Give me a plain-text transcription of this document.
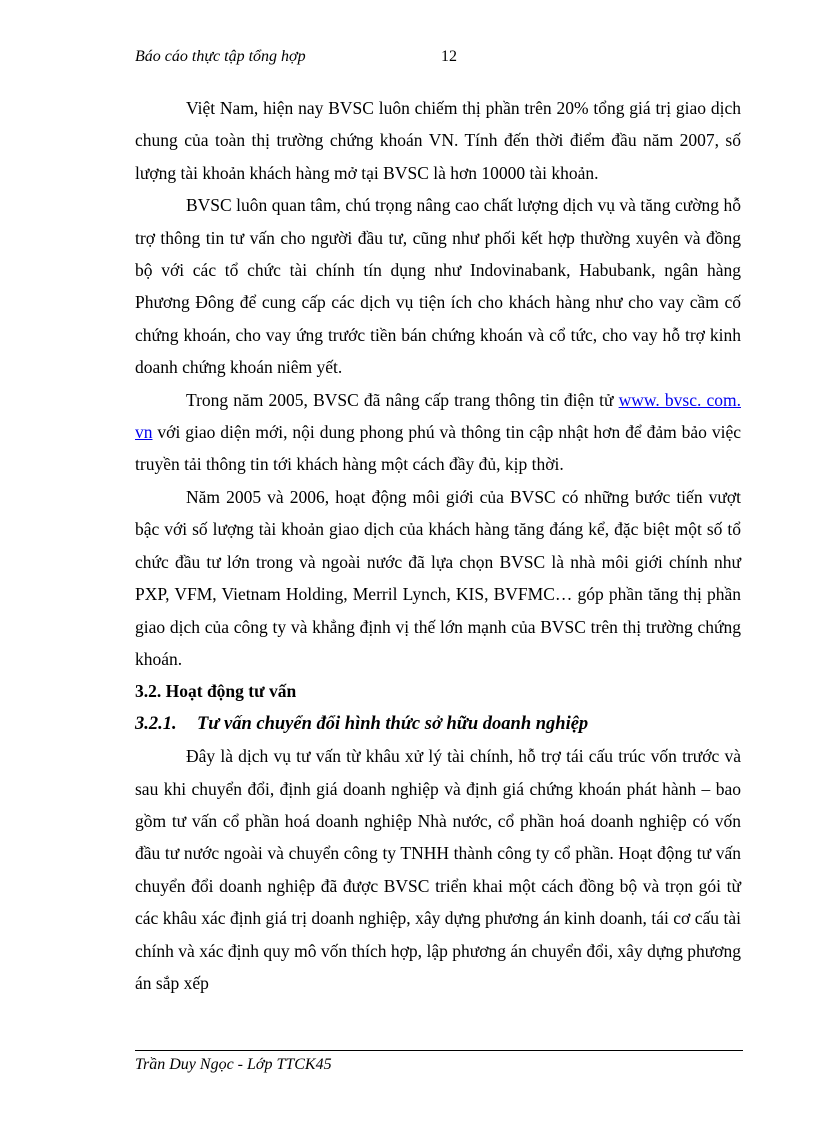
Báo cáo thực tập tổng hợp	12

Việt Nam, hiện nay BVSC luôn chiếm thị phần trên 20% tổng giá trị giao dịch chung của toàn thị trường chứng khoán VN. Tính đến thời điểm đầu năm 2007, số lượng tài khoản khách hàng mở tại BVSC là hơn 10000 tài khoản.

BVSC luôn quan tâm, chú trọng nâng cao chất lượng dịch vụ và tăng cường hỗ trợ thông tin tư vấn cho người đầu tư, cũng như phối kết hợp thường xuyên và đồng bộ với các tổ chức tài chính tín dụng như Indovinabank, Habubank, ngân hàng Phương Đông để cung cấp các dịch vụ tiện ích cho khách hàng như cho vay cầm cố chứng khoán, cho vay ứng trước tiền bán chứng khoán và cổ tức, cho vay hỗ trợ kinh doanh chứng khoán niêm yết.

Trong năm 2005, BVSC đã nâng cấp trang thông tin điện tử www. bvsc. com. vn với giao diện mới, nội dung phong phú và thông tin cập nhật hơn để đảm bảo việc truyền tải thông tin tới khách hàng một cách đầy đủ, kịp thời.

Năm 2005 và 2006, hoạt động môi giới của BVSC có những bước tiến vượt bậc với số lượng tài khoản giao dịch của khách hàng tăng đáng kể, đặc biệt một số tổ chức đầu tư lớn trong và ngoài nước đã lựa chọn BVSC là nhà môi giới chính như PXP, VFM, Vietnam Holding, Merril Lynch, KIS, BVFMC… góp phần tăng thị phần giao dịch của công ty và khẳng định vị thế lớn mạnh của BVSC trên thị trường chứng khoán.

3.2. Hoạt động tư vấn

3.2.1. Tư vấn chuyển đổi hình thức sở hữu doanh nghiệp

Đây là dịch vụ tư vấn từ khâu xử lý tài chính, hỗ trợ tái cấu trúc vốn trước và sau khi chuyển đổi, định giá doanh nghiệp và định giá chứng khoán phát hành – bao gồm tư vấn cổ phần hoá doanh nghiệp Nhà nước, cổ phần hoá doanh nghiệp có vốn đầu tư nước ngoài và chuyển công ty TNHH thành công ty cổ phần. Hoạt động tư vấn chuyển đổi doanh nghiệp đã được BVSC triển khai một cách đồng bộ và trọn gói từ các khâu xác định giá trị doanh nghiệp, xây dựng phương án kinh doanh, tái cơ cấu tài chính và xác định quy mô vốn thích hợp, lập phương án chuyển đổi, xây dựng phương án sắp xếp

Trần Duy Ngọc - Lớp TTCK45
